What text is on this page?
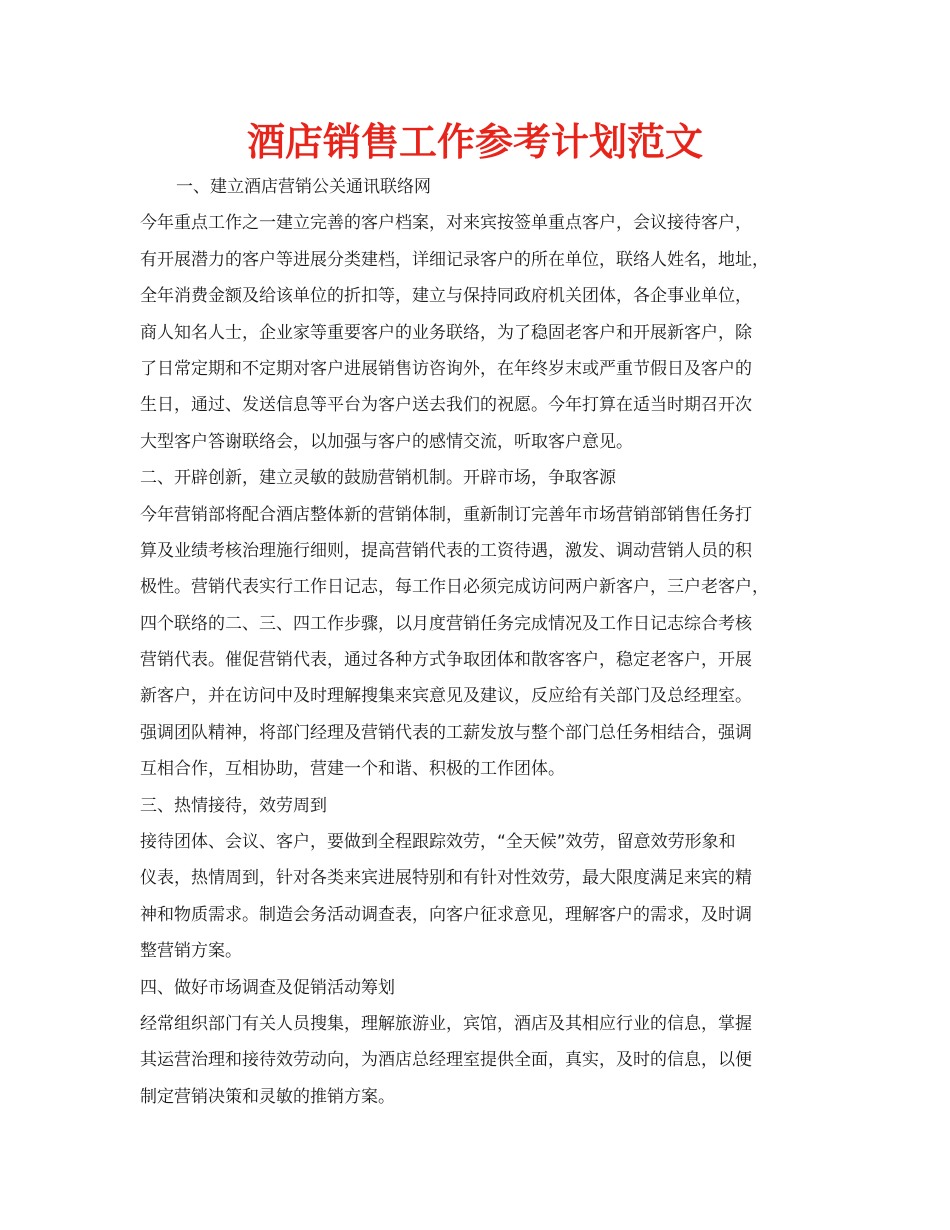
酒店销售工作参考计划范文
一、建立酒店营销公关通讯联络网
今年重点工作之一建立完善的客户档案，对来宾按签单重点客户，会议接待客户，
有开展潜力的客户等进展分类建档，详细记录客户的所在单位，联络人姓名，地址，
全年消费金额及给该单位的折扣等，建立与保持同政府机关团体，各企事业单位，
商人知名人士，企业家等重要客户的业务联络，为了稳固老客户和开展新客户，除
了日常定期和不定期对客户进展销售访咨询外，在年终岁末或严重节假日及客户的
生日，通过、发送信息等平台为客户送去我们的祝愿。今年打算在适当时期召开次
大型客户答谢联络会，以加强与客户的感情交流，听取客户意见。
二、开辟创新，建立灵敏的鼓励营销机制。开辟市场，争取客源
今年营销部将配合酒店整体新的营销体制，重新制订完善年市场营销部销售任务打
算及业绩考核治理施行细则，提高营销代表的工资待遇，激发、调动营销人员的积
极性。营销代表实行工作日记志，每工作日必须完成访问两户新客户，三户老客户，
四个联络的二、三、四工作步骤，以月度营销任务完成情况及工作日记志综合考核
营销代表。催促营销代表，通过各种方式争取团体和散客客户，稳定老客户，开展
新客户，并在访问中及时理解搜集来宾意见及建议，反应给有关部门及总经理室。
强调团队精神，将部门经理及营销代表的工薪发放与整个部门总任务相结合，强调
互相合作，互相协助，营建一个和谐、积极的工作团体。
三、热情接待，效劳周到
接待团体、会议、客户，要做到全程跟踪效劳，“全天候”效劳，留意效劳形象和
仪表，热情周到，针对各类来宾进展特别和有针对性效劳，最大限度满足来宾的精
神和物质需求。制造会务活动调查表，向客户征求意见，理解客户的需求，及时调
整营销方案。
四、做好市场调查及促销活动筹划
经常组织部门有关人员搜集，理解旅游业，宾馆，酒店及其相应行业的信息，掌握
其运营治理和接待效劳动向，为酒店总经理室提供全面，真实，及时的信息，以便
制定营销决策和灵敏的推销方案。
